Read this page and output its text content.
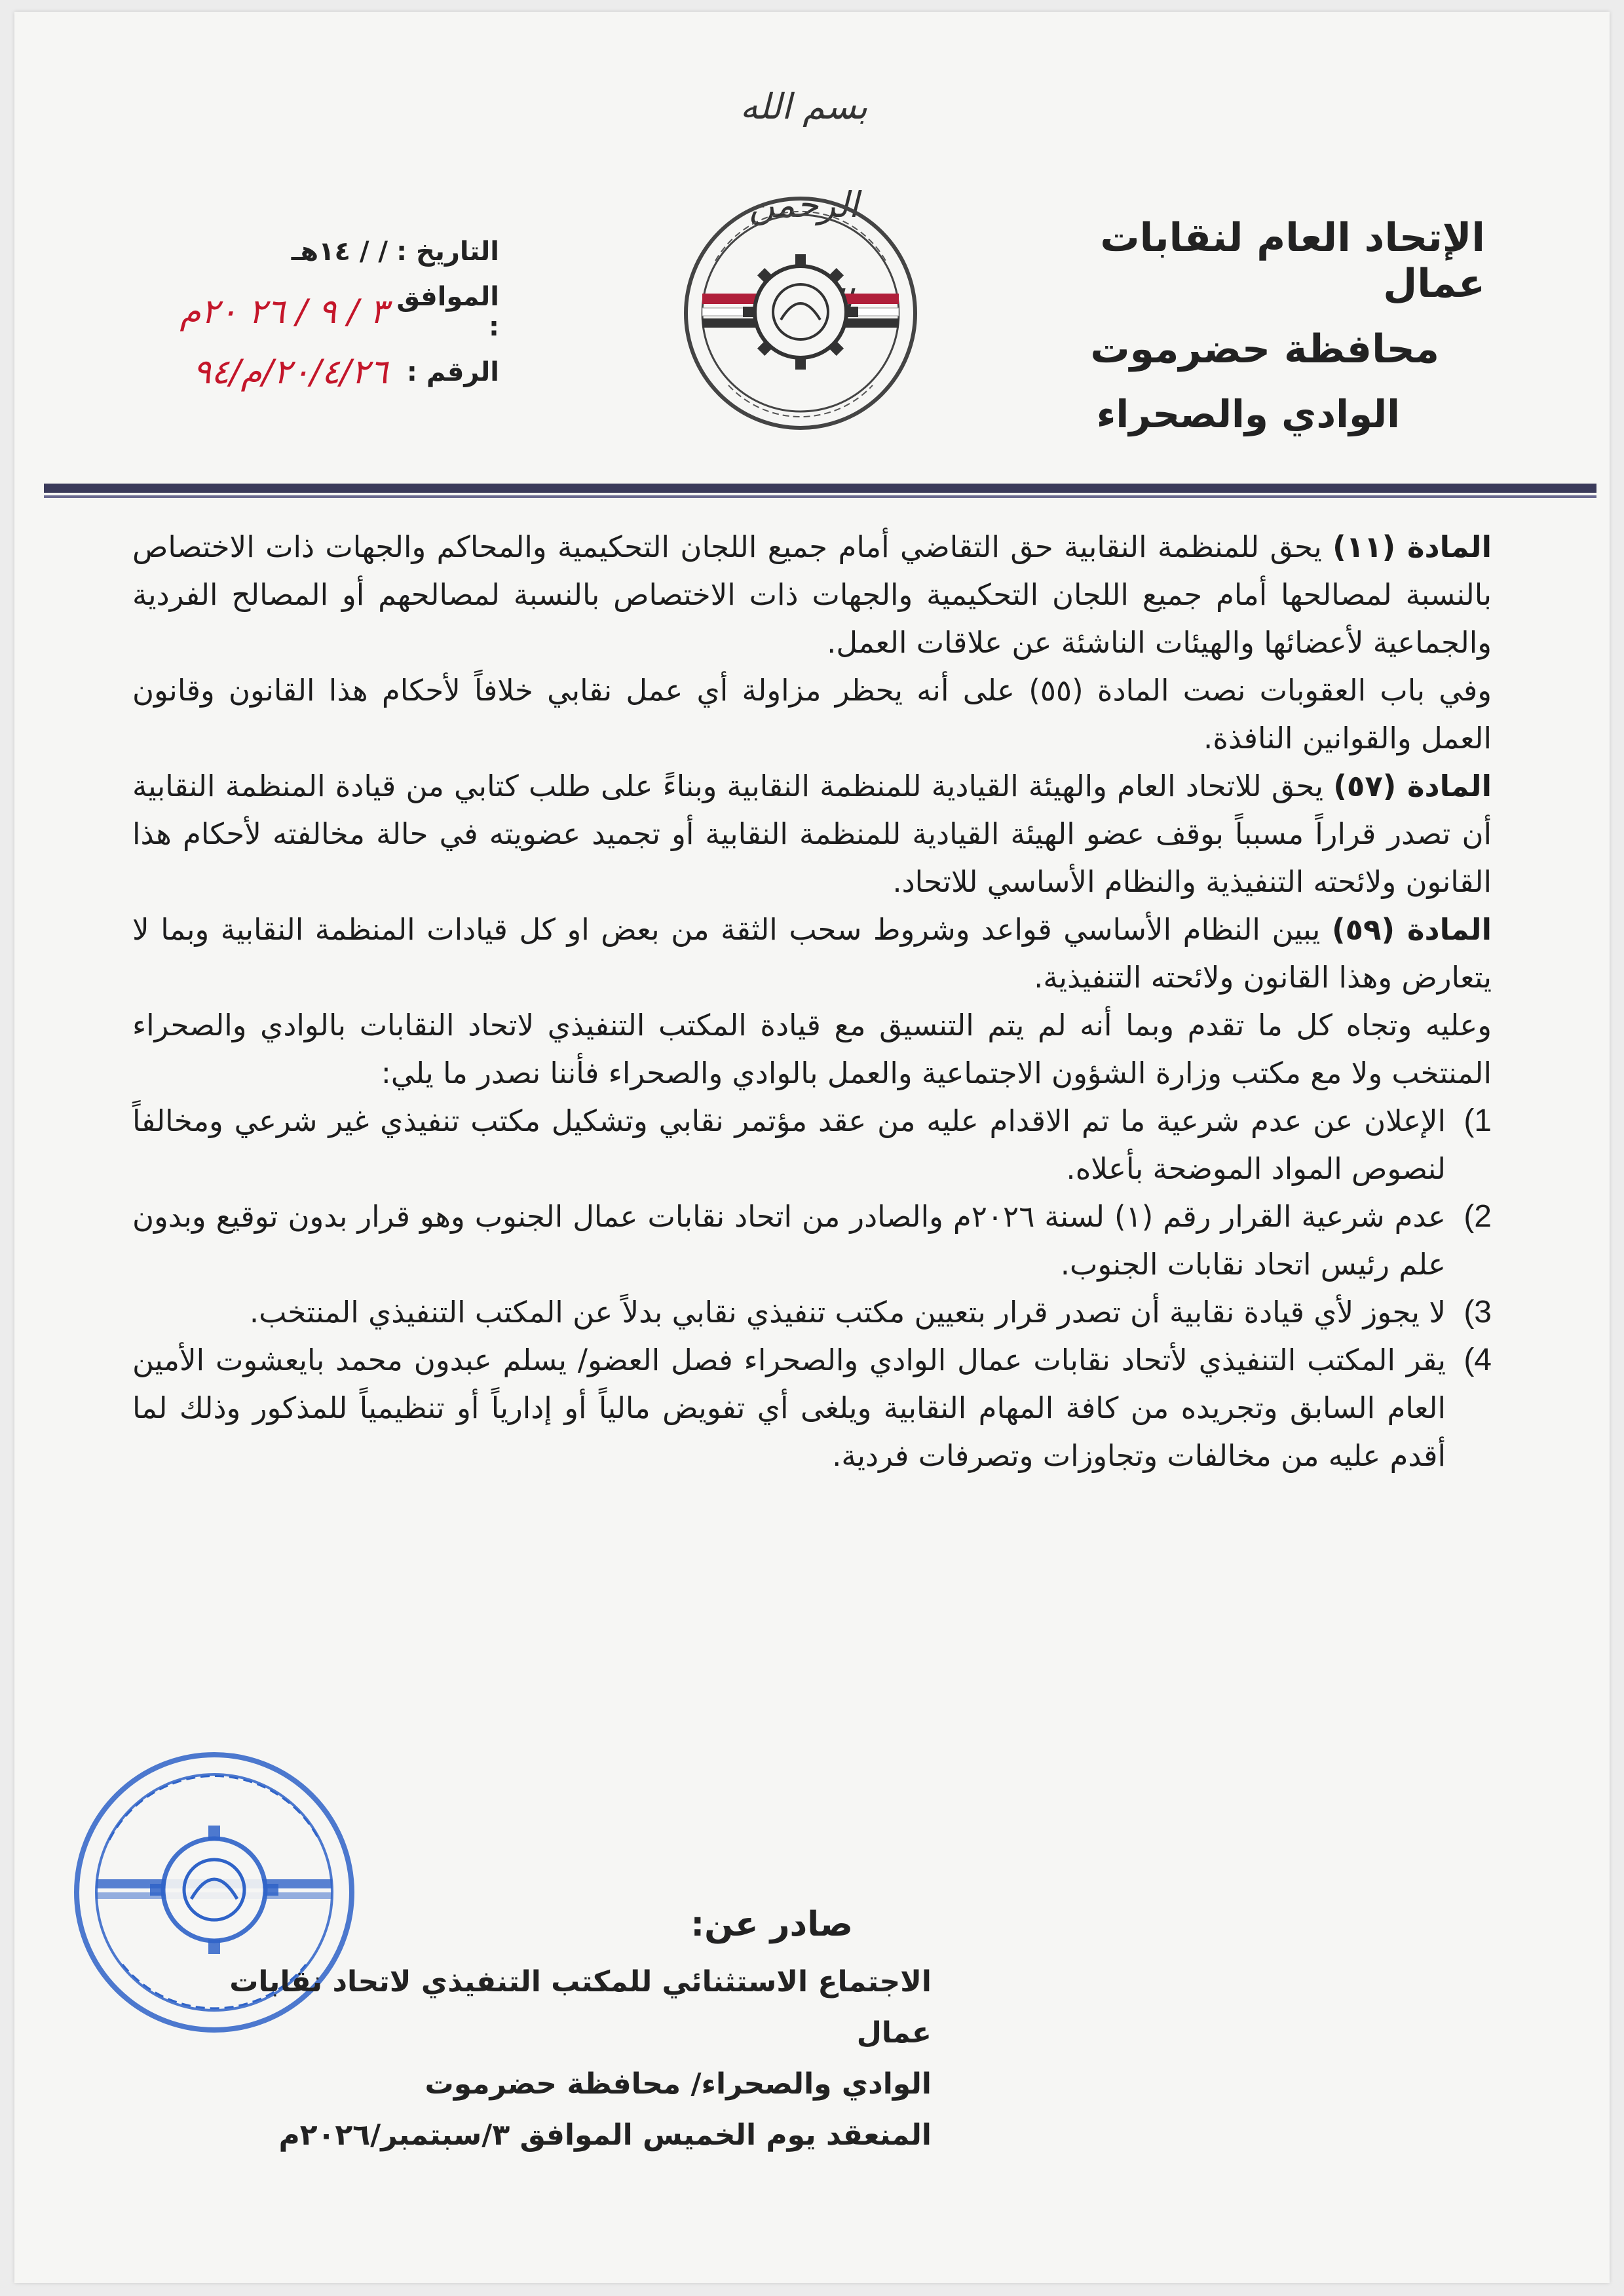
بسم الله الرحمن
الإتحاد العام لنقابات عمال
محافظة حضرموت
الوادي والصحراء
التاريخ :
/ / ١٤هـ
الموافق :
٣ / ٩ / ٢٦ ٢٠م
الرقم :
٢٠/٤/٢٦/م/٩٤

المادة (١١) يحق للمنظمة النقابية حق التقاضي أمام جميع اللجان التحكيمية والمحاكم والجهات ذات الاختصاص بالنسبة لمصالحها أمام جميع اللجان التحكيمية والجهات ذات الاختصاص بالنسبة لمصالحهم أو المصالح الفردية والجماعية لأعضائها والهيئات الناشئة عن علاقات العمل.

وفي باب العقوبات نصت المادة (٥٥) على أنه يحظر مزاولة أي عمل نقابي خلافاً لأحكام هذا القانون وقانون العمل والقوانين النافذة.

المادة (٥٧) يحق للاتحاد العام والهيئة القيادية للمنظمة النقابية وبناءً على طلب كتابي من قيادة المنظمة النقابية أن تصدر قراراً مسبباً بوقف عضو الهيئة القيادية للمنظمة النقابية أو تجميد عضويته في حالة مخالفته لأحكام هذا القانون ولائحته التنفيذية والنظام الأساسي للاتحاد.

المادة (٥٩) يبين النظام الأساسي قواعد وشروط سحب الثقة من بعض او كل قيادات المنظمة النقابية وبما لا يتعارض وهذا القانون ولائحته التنفيذية.

وعليه وتجاه كل ما تقدم وبما أنه لم يتم التنسيق مع قيادة المكتب التنفيذي لاتحاد النقابات بالوادي والصحراء المنتخب ولا مع مكتب وزارة الشؤون الاجتماعية والعمل بالوادي والصحراء فأننا نصدر ما يلي:

1)
الإعلان عن عدم شرعية ما تم الاقدام عليه من عقد مؤتمر نقابي وتشكيل مكتب تنفيذي غير شرعي ومخالفاً لنصوص المواد الموضحة بأعلاه.
2)
عدم شرعية القرار رقم (١) لسنة ٢٠٢٦م والصادر من اتحاد نقابات عمال الجنوب وهو قرار بدون توقيع وبدون علم رئيس اتحاد نقابات الجنوب.
3)
لا يجوز لأي قيادة نقابية أن تصدر قرار بتعيين مكتب تنفيذي نقابي بدلاً عن المكتب التنفيذي المنتخب.
4)
يقر المكتب التنفيذي لأتحاد نقابات عمال الوادي والصحراء فصل العضو/ يسلم عبدون محمد بايعشوت الأمين العام السابق وتجريده من كافة المهام النقابية ويلغى أي تفويض مالياً أو إدارياً أو تنظيمياً للمذكور وذلك لما أقدم عليه من مخالفات وتجاوزات وتصرفات فردية.
صادر عن:
الاجتماع الاستثنائي للمكتب التنفيذي لاتحاد نقابات عمال
الوادي والصحراء/ محافظة حضرموت
المنعقد يوم الخميس الموافق ٣/سبتمبر/٢٠٢٦م
